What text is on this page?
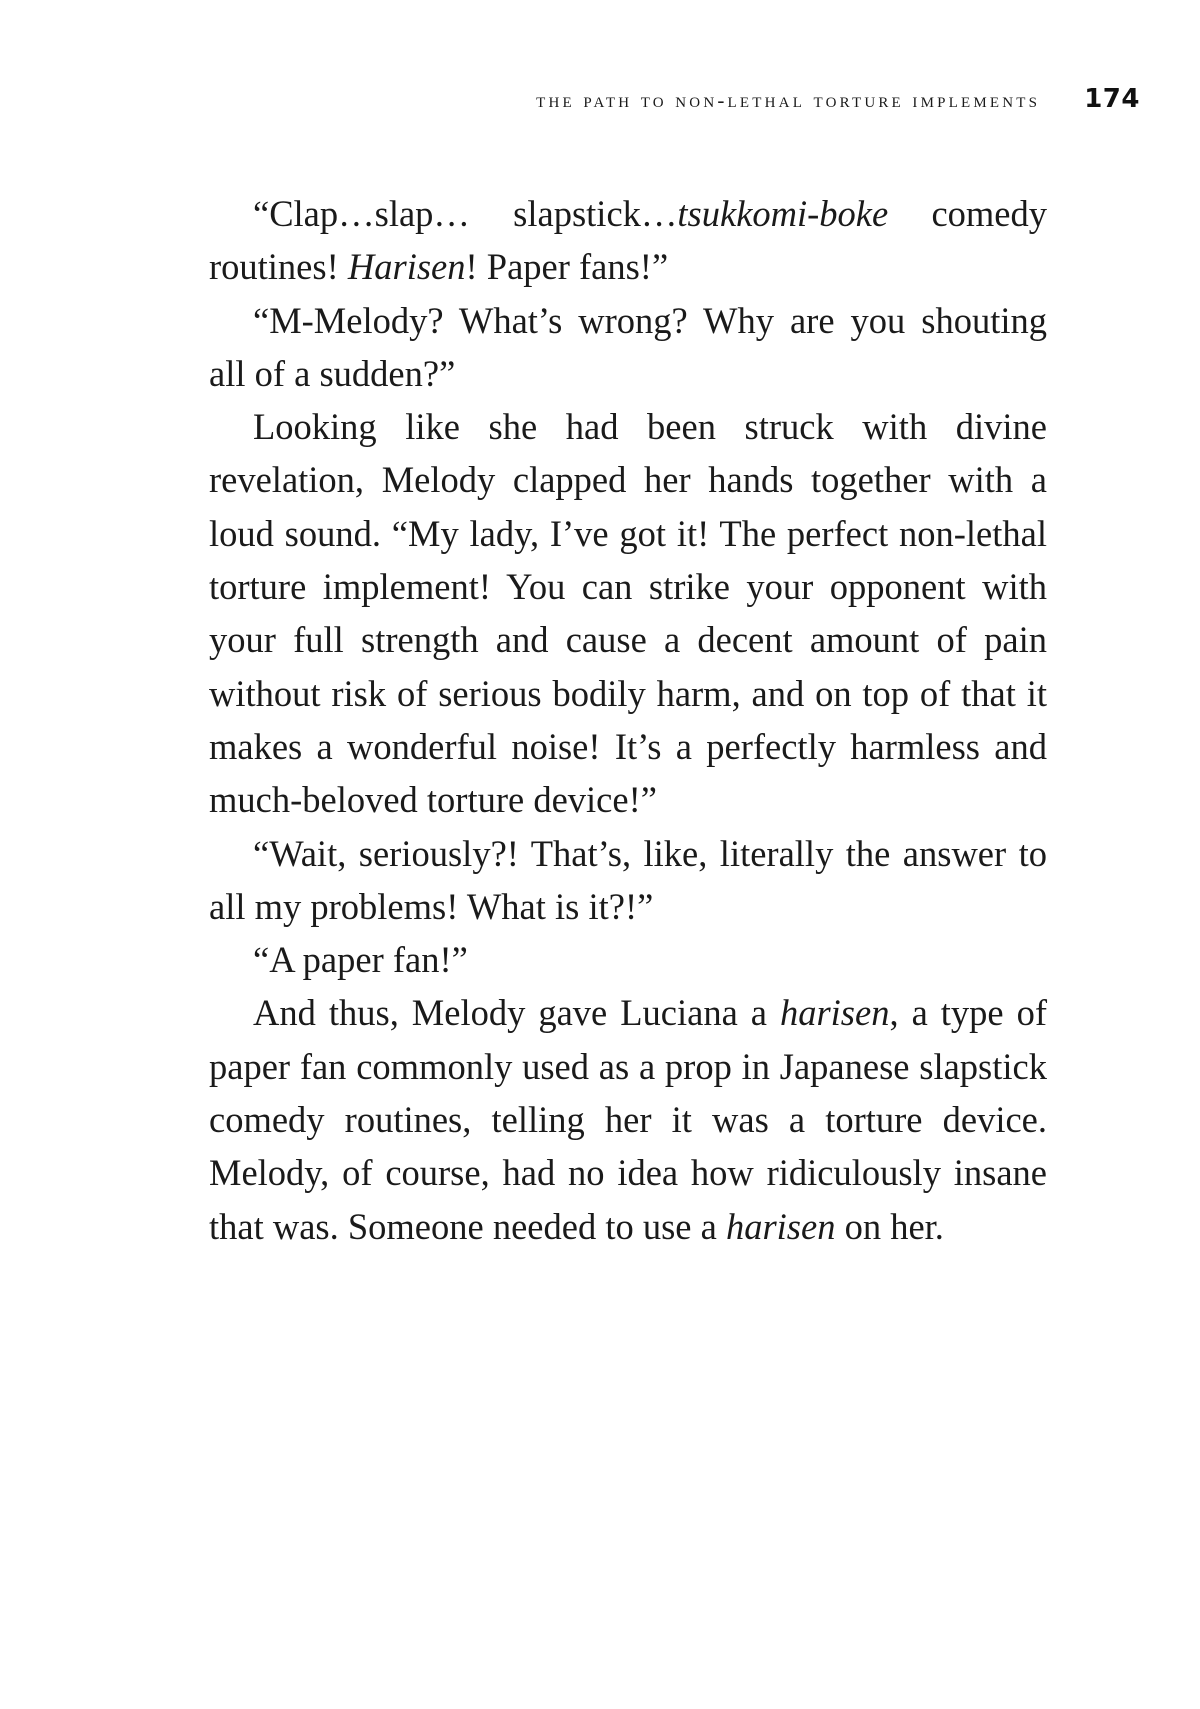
the path to non-lethal torture implements 174

“Clap…slap… slapstick…tsukkomi-boke comedy routines! Harisen! Paper fans!”

“M-Melody? What’s wrong? Why are you shouting all of a sudden?”

Looking like she had been struck with divine revelation, Melody clapped her hands together with a loud sound. “My lady, I’ve got it! The perfect non-lethal torture implement! You can strike your opponent with your full strength and cause a decent amount of pain without risk of serious bodily harm, and on top of that it makes a wonderful noise! It’s a perfectly harmless and much-beloved torture device!”

“Wait, seriously?! That’s, like, literally the answer to all my problems! What is it?!”

“A paper fan!”

And thus, Melody gave Luciana a harisen, a type of paper fan commonly used as a prop in Japanese slapstick comedy routines, telling her it was a torture device. Melody, of course, had no idea how ridiculously insane that was. Someone needed to use a harisen on her.
